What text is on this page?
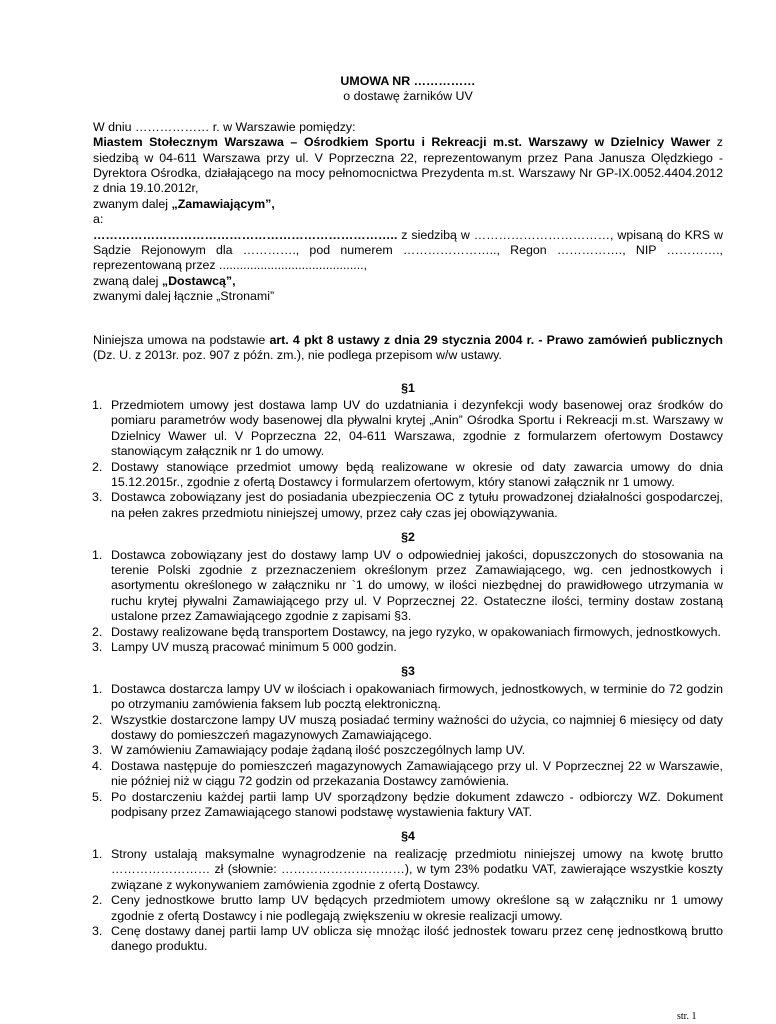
UMOWA NR ……………

o dostawę żarników UV

W dniu ……………… r. w Warszawie pomiędzy:

Miastem Stołecznym Warszawa – Ośrodkiem Sportu i Rekreacji m.st. Warszawy w Dzielnicy Wawer z siedzibą w 04-611 Warszawa przy ul. V Poprzeczna 22, reprezentowanym przez Pana Janusza Olędzkiego - Dyrektora Ośrodka, działającego na mocy pełnomocnictwa Prezydenta m.st. Warszawy Nr GP-IX.0052.4404.2012 z dnia 19.10.2012r,

zwanym dalej „Zamawiającym”,

a:

……………………………………………………………….. z siedzibą w ……………………………, wpisaną do KRS w Sądzie Rejonowym dla …………., pod numerem ………………….., Regon ……………., NIP …………., reprezentowaną przez ..........................................,

zwaną dalej „Dostawcą”,

zwanymi dalej łącznie „Stronami”

Niniejsza umowa na podstawie art. 4 pkt 8 ustawy z dnia 29 stycznia 2004 r. - Prawo zamówień publicznych (Dz. U. z 2013r. poz. 907 z późn. zm.), nie podlega przepisom w/w ustawy.

§1

1. Przedmiotem umowy jest dostawa lamp UV do uzdatniania i dezynfekcji wody basenowej oraz środków do pomiaru parametrów wody basenowej dla pływalni krytej „Anin” Ośrodka Sportu i Rekreacji m.st. Warszawy w Dzielnicy Wawer ul. V Poprzeczna 22, 04-611 Warszawa, zgodnie z formularzem ofertowym Dostawcy stanowiącym załącznik nr 1 do umowy.
2. Dostawy stanowiące przedmiot umowy będą realizowane w okresie od daty zawarcia umowy do dnia 15.12.2015r., zgodnie z ofertą Dostawcy i formularzem ofertowym, który stanowi załącznik nr 1 umowy.
3. Dostawca zobowiązany jest do posiadania ubezpieczenia OC z tytułu prowadzonej działalności gospodarczej, na pełen zakres przedmiotu niniejszej umowy, przez cały czas jej obowiązywania.

§2

1. Dostawca zobowiązany jest do dostawy lamp UV o odpowiedniej jakości, dopuszczonych do stosowania na terenie Polski zgodnie z przeznaczeniem określonym przez Zamawiającego, wg. cen jednostkowych i asortymentu określonego w załączniku nr `1 do umowy, w ilości niezbędnej do prawidłowego utrzymania w ruchu krytej pływalni Zamawiającego przy ul. V Poprzecznej 22. Ostateczne ilości, terminy dostaw zostaną ustalone przez Zamawiającego zgodnie z zapisami §3.
2. Dostawy realizowane będą transportem Dostawcy, na jego ryzyko, w opakowaniach firmowych, jednostkowych.
3. Lampy UV muszą pracować minimum 5 000 godzin.

§3

1. Dostawca dostarcza lampy UV w ilościach i opakowaniach firmowych, jednostkowych, w terminie do 72 godzin po otrzymaniu zamówienia faksem lub pocztą elektroniczną.
2. Wszystkie dostarczone lampy UV muszą posiadać terminy ważności do użycia, co najmniej 6 miesięcy od daty dostawy do pomieszczeń magazynowych Zamawiającego.
3. W zamówieniu Zamawiający podaje żądaną ilość poszczególnych lamp UV.
4. Dostawa następuje do pomieszczeń magazynowych Zamawiającego przy ul. V Poprzecznej 22 w Warszawie, nie później niż w ciągu 72 godzin od przekazania Dostawcy zamówienia.
5. Po dostarczeniu każdej partii lamp UV sporządzony będzie dokument zdawczo - odbiorczy WZ. Dokument podpisany przez Zamawiającego stanowi podstawę wystawienia faktury VAT.

§4

1. Strony ustalają maksymalne wynagrodzenie na realizację przedmiotu niniejszej umowy na kwotę brutto …………………… zł (słownie: …………………………), w tym 23% podatku VAT, zawierające wszystkie koszty związane z wykonywaniem zamówienia zgodnie z ofertą Dostawcy.
2. Ceny jednostkowe brutto lamp UV będących przedmiotem umowy określone są w załączniku nr 1 umowy zgodnie z ofertą Dostawcy i nie podlegają zwiększeniu w okresie realizacji umowy.
3. Cenę dostawy danej partii lamp UV oblicza się mnożąc ilość jednostek towaru przez cenę jednostkową brutto danego produktu.
str. 1
